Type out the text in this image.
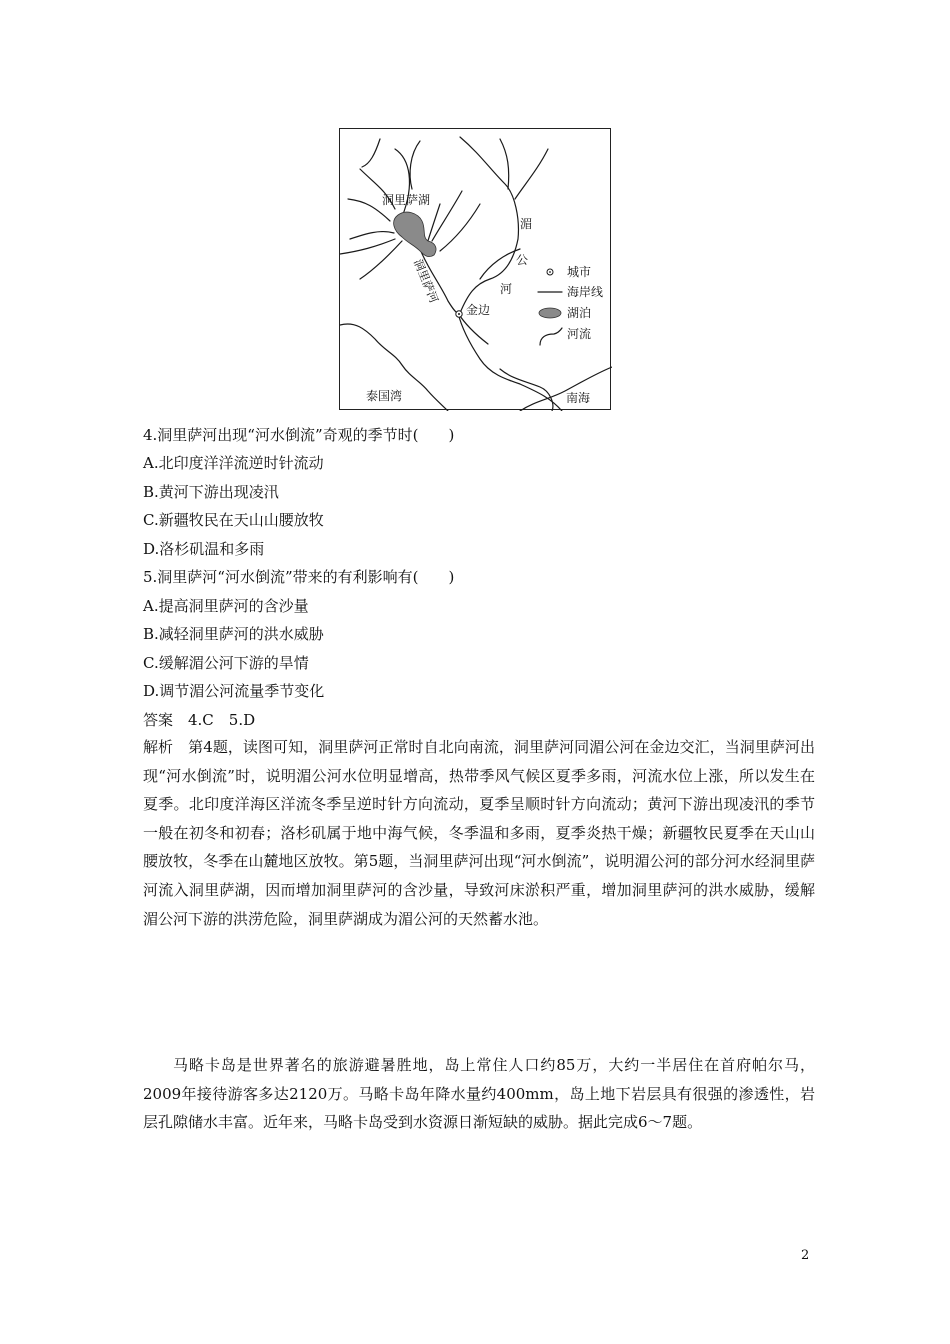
洞里萨湖
洞里萨河
湄
公
河
金边
泰国湾	南海
城市
海岸线
湖泊
河流
4.洞里萨河出现“河水倒流”奇观的季节时(　　)
A.北印度洋洋流逆时针流动
B.黄河下游出现凌汛
C.新疆牧民在天山山腰放牧
D.洛杉矶温和多雨
5.洞里萨河“河水倒流”带来的有利影响有(　　)
A.提高洞里萨河的含沙量
B.减轻洞里萨河的洪水威胁
C.缓解湄公河下游的旱情
D.调节湄公河流量季节变化
答案　4.C　5.D
解析　第4题，读图可知，洞里萨河正常时自北向南流，洞里萨河同湄公河在金边交汇，当洞里萨河出现“河水倒流”时，说明湄公河水位明显增高，热带季风气候区夏季多雨，河流水位上涨，所以发生在夏季。北印度洋海区洋流冬季呈逆时针方向流动，夏季呈顺时针方向流动；黄河下游出现凌汛的季节一般在初冬和初春；洛杉矶属于地中海气候，冬季温和多雨，夏季炎热干燥；新疆牧民夏季在天山山腰放牧，冬季在山麓地区放牧。第5题，当洞里萨河出现“河水倒流”，说明湄公河的部分河水经洞里萨河流入洞里萨湖，因而增加洞里萨河的含沙量，导致河床淤积严重，增加洞里萨河的洪水威胁，缓解湄公河下游的洪涝危险，洞里萨湖成为湄公河的天然蓄水池。
马略卡岛是世界著名的旅游避暑胜地，岛上常住人口约85万，大约一半居住在首府帕尔马，2009年接待游客多达2120万。马略卡岛年降水量约400mm，岛上地下岩层具有很强的渗透性，岩层孔隙储水丰富。近年来，马略卡岛受到水资源日渐短缺的威胁。据此完成6～7题。
2
